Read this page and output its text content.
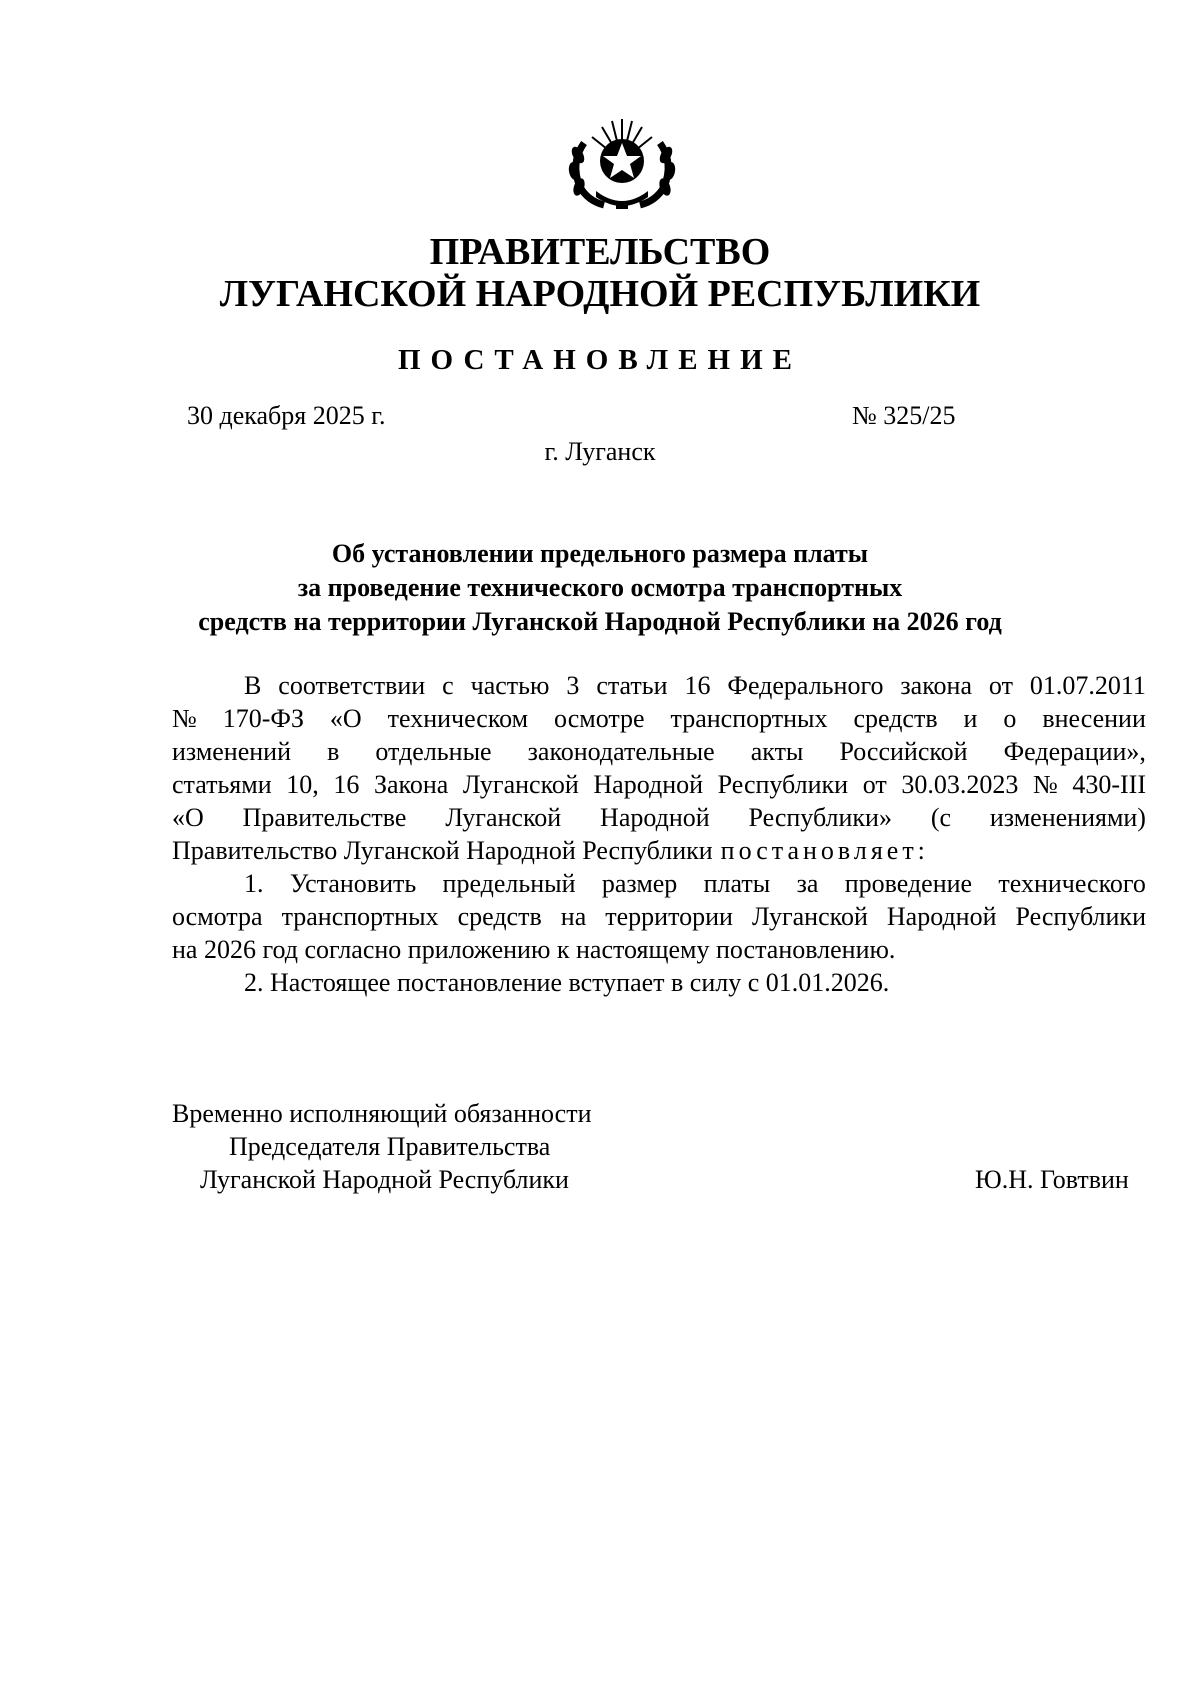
ПРАВИТЕЛЬСТВО
ЛУГАНСКОЙ НАРОДНОЙ РЕСПУБЛИКИ
ПОСТАНОВЛЕНИЕ
30 декабря 2025 г.	№ 325/25
г. Луганск
Об установлении предельного размера платы
за проведение технического осмотра транспортных
средств на территории Луганской Народной Республики на 2026 год
В соответствии с частью 3 статьи 16 Федерального закона от 01.07.2011
№ 170-ФЗ «О техническом осмотре транспортных средств и о внесении
изменений в отдельные законодательные акты Российской Федерации»,
статьями 10, 16 Закона Луганской Народной Республики от 30.03.2023 № 430-III
«О Правительстве Луганской Народной Республики» (с изменениями)
Правительство Луганской Народной Республики постановляет:
1. Установить предельный размер платы за проведение технического
осмотра транспортных средств на территории Луганской Народной Республики
на 2026 год согласно приложению к настоящему постановлению.
2. Настоящее постановление вступает в силу с 01.01.2026.
Временно исполняющий обязанности
Председателя Правительства
Луганской Народной Республики	Ю.Н. Говтвин
